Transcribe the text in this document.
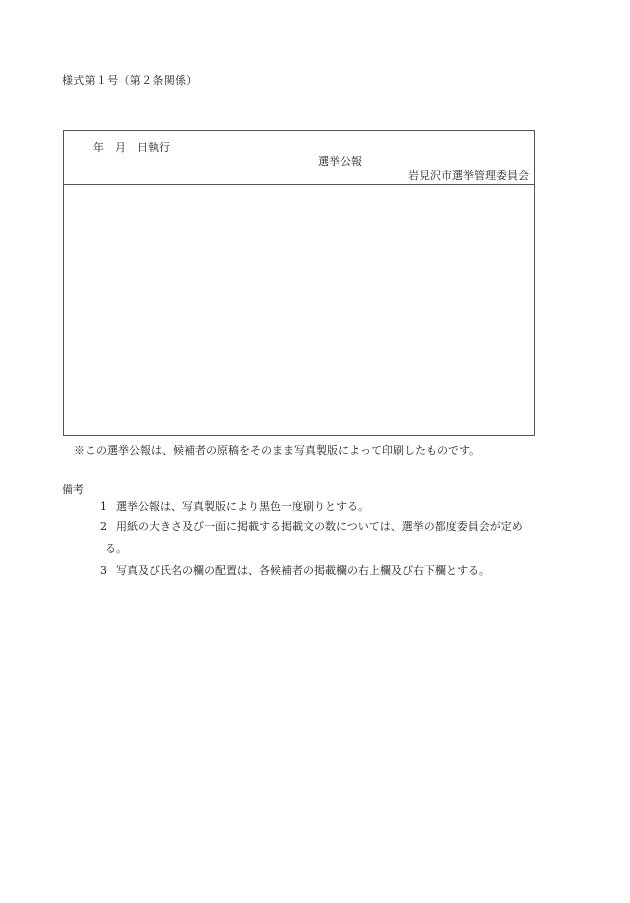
様式第１号（第２条関係）
年　月　日執行
選挙公報
岩見沢市選挙管理委員会
※この選挙公報は、候補者の原稿をそのまま写真製版によって印刷したものです。
備考
1 選挙公報は、写真製版により黒色一度刷りとする。
2 用紙の大きさ及び一面に掲載する掲載文の数については、選挙の都度委員会が定め
る。
3 写真及び氏名の欄の配置は、各候補者の掲載欄の右上欄及び右下欄とする。
